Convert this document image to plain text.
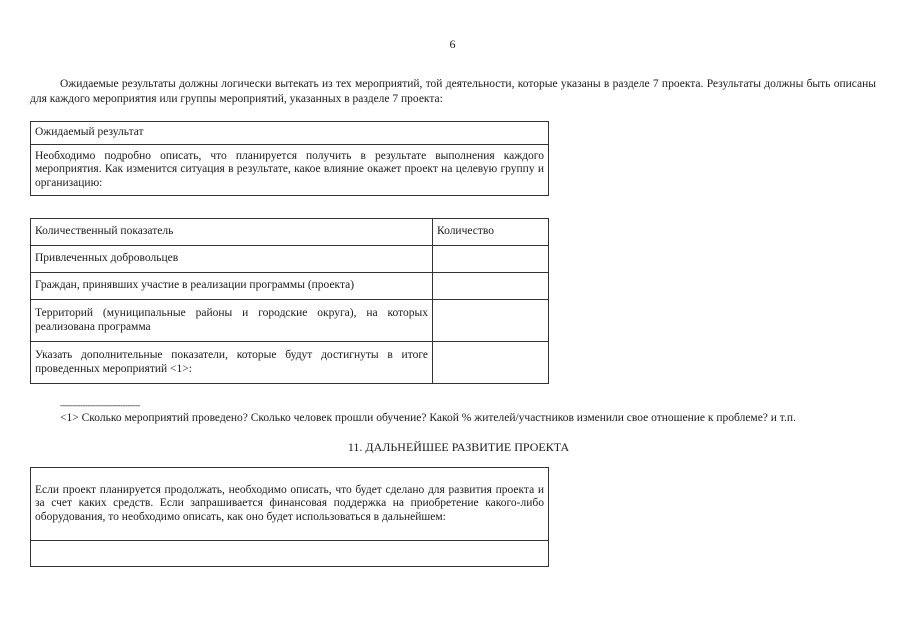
6
Ожидаемые результаты должны логически вытекать из тех мероприятий, той деятельности, которые указаны в разделе 7 проекта. Результаты должны быть описаны для каждого мероприятия или группы мероприятий, указанных в разделе 7 проекта:
Ожидаемый результат
Необходимо подробно описать, что планируется получить в результате выполнения каждого мероприятия. Как изменится ситуация в результате, какое влияние окажет проект на целевую группу и организацию:
Количественный показатель	Количество
Привлеченных добровольцев	
Граждан, принявших участие в реализации программы (проекта)	
Территорий (муниципальные районы и городские округа), на которых реализована программа	
Указать дополнительные показатели, которые будут достигнуты в итоге проведенных мероприятий <1>:	
--------------------------------
<1> Сколько мероприятий проведено? Сколько человек прошли обучение? Какой % жителей/участников изменили свое отношение к проблеме? и т.п.
11. ДАЛЬНЕЙШЕЕ РАЗВИТИЕ ПРОЕКТА
Если проект планируется продолжать, необходимо описать, что будет сделано для развития проекта и за счет каких средств. Если запрашивается финансовая поддержка на приобретение какого-либо оборудования, то необходимо описать, как оно будет использоваться в дальнейшем:
